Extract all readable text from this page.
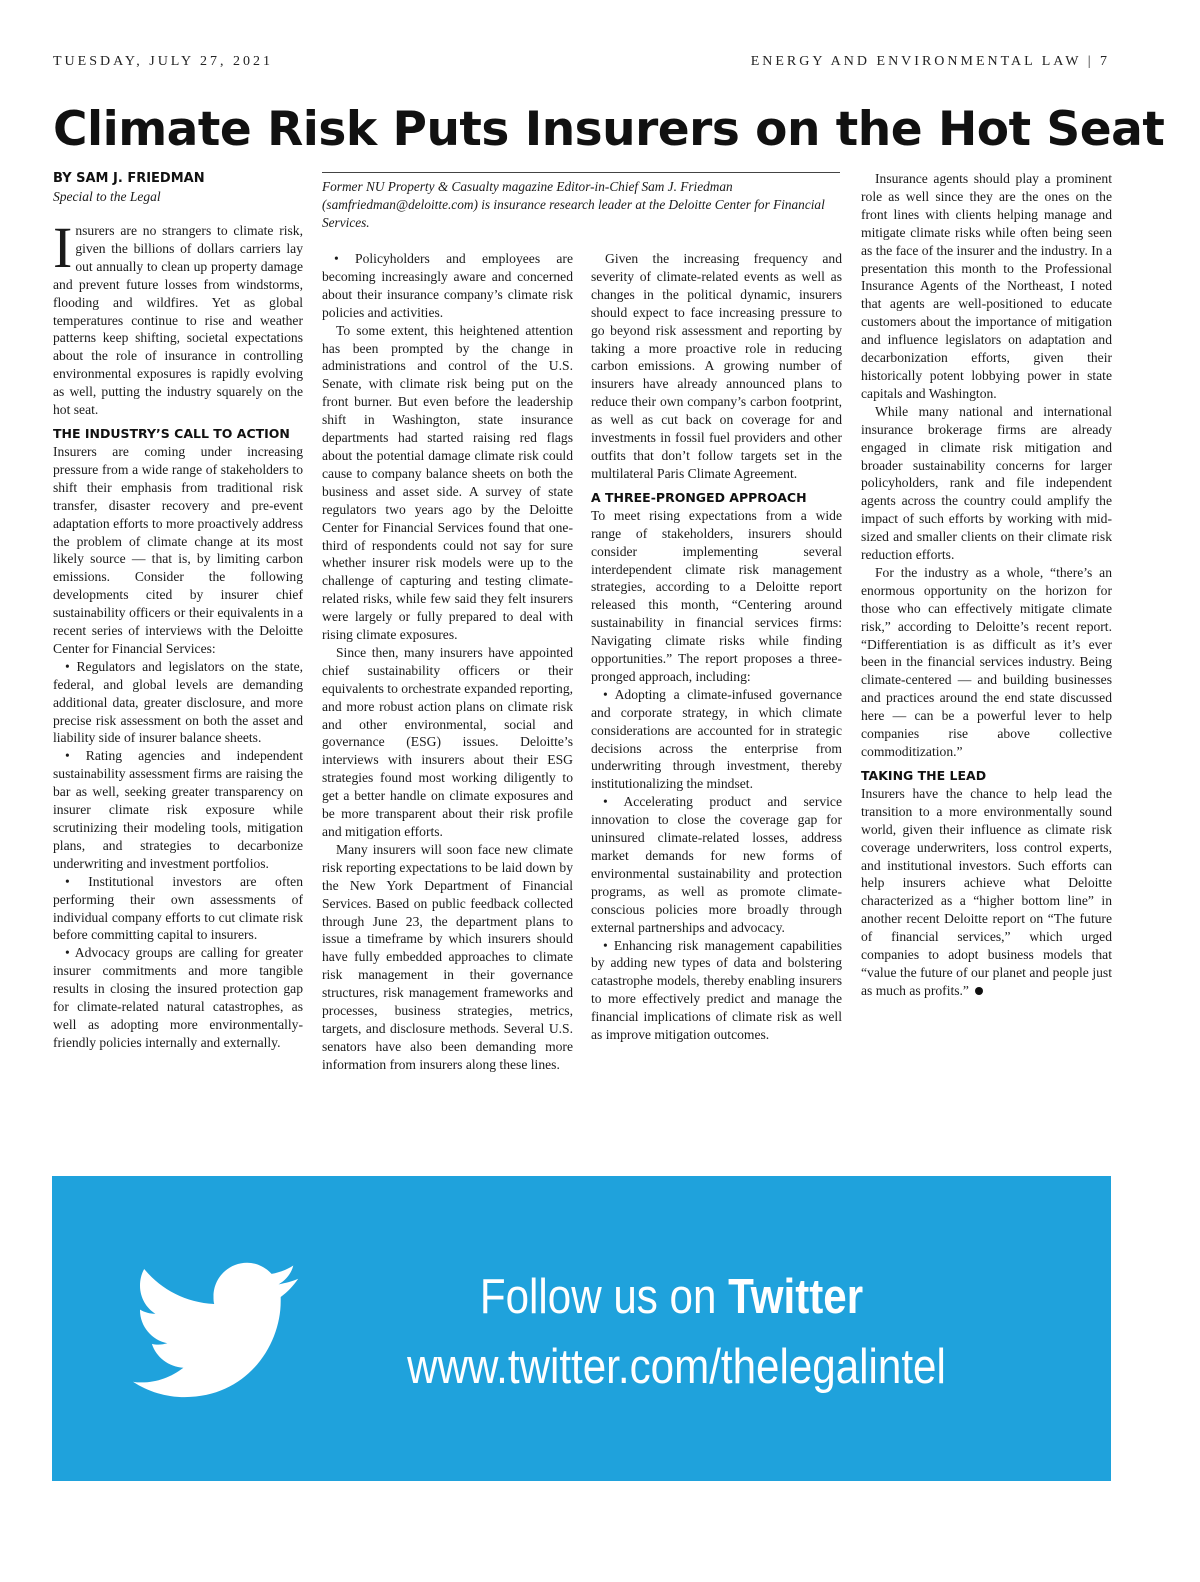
TUESDAY, JULY 27, 2021	ENERGY AND ENVIRONMENTAL LAW | 7
Climate Risk Puts Insurers on the Hot Seat
BY SAM J. FRIEDMAN
Special to the Legal
Former NU Property & Casualty magazine Editor-in-Chief Sam J. Friedman (samfriedman@deloitte.com) is insurance research leader at the Deloitte Center for Financial Services.

Insurers are no strangers to climate risk, given the billions of dollars carriers lay out annually to clean up property damage and prevent future losses from windstorms, flooding and wildfires. Yet as global temperatures continue to rise and weather patterns keep shifting, societal expectations about the role of insurance in controlling environmental exposures is rapidly evolving as well, putting the industry squarely on the hot seat.

THE INDUSTRY’S CALL TO ACTION

Insurers are coming under increasing pressure from a wide range of stakeholders to shift their emphasis from traditional risk transfer, disaster recovery and pre-event adaptation efforts to more proactively address the problem of climate change at its most likely source — that is, by limiting carbon emissions. Consider the following developments cited by insurer chief sustainability officers or their equivalents in a recent series of interviews with the Deloitte Center for Financial Services:

• Regulators and legislators on the state, federal, and global levels are demanding additional data, greater disclosure, and more precise risk assessment on both the asset and liability side of insurer balance sheets.

• Rating agencies and independent sustainability assessment firms are raising the bar as well, seeking greater transparency on insurer climate risk exposure while scrutinizing their modeling tools, mitigation plans, and strategies to decarbonize underwriting and investment portfolios.

• Institutional investors are often performing their own assessments of individual company efforts to cut climate risk before committing capital to insurers.

• Advocacy groups are calling for greater insurer commitments and more tangible results in closing the insured protection gap for climate-related natural catastrophes, as well as adopting more environmentally-friendly policies internally and externally.

• Policyholders and employees are becoming increasingly aware and concerned about their insurance company’s climate risk policies and activities.

To some extent, this heightened attention has been prompted by the change in administrations and control of the U.S. Senate, with climate risk being put on the front burner. But even before the leadership shift in Washington, state insurance departments had started raising red flags about the potential damage climate risk could cause to company balance sheets on both the business and asset side. A survey of state regulators two years ago by the Deloitte Center for Financial Services found that one-third of respondents could not say for sure whether insurer risk models were up to the challenge of capturing and testing climate-related risks, while few said they felt insurers were largely or fully prepared to deal with rising climate exposures.

Since then, many insurers have appointed chief sustainability officers or their equivalents to orchestrate expanded reporting, and more robust action plans on climate risk and other environmental, social and governance (ESG) issues. Deloitte’s interviews with insurers about their ESG strategies found most working diligently to get a better handle on climate exposures and be more transparent about their risk profile and mitigation efforts.

Many insurers will soon face new climate risk reporting expectations to be laid down by the New York Department of Financial Services. Based on public feedback collected through June 23, the department plans to issue a timeframe by which insurers should have fully embedded approaches to climate risk management in their governance structures, risk management frameworks and processes, business strategies, metrics, targets, and disclosure methods. Several U.S. senators have also been demanding more information from insurers along these lines.

Given the increasing frequency and severity of climate-related events as well as changes in the political dynamic, insurers should expect to face increasing pressure to go beyond risk assessment and reporting by taking a more proactive role in reducing carbon emissions. A growing number of insurers have already announced plans to reduce their own company’s carbon footprint, as well as cut back on coverage for and investments in fossil fuel providers and other outfits that don’t follow targets set in the multilateral Paris Climate Agreement.

A THREE-PRONGED APPROACH

To meet rising expectations from a wide range of stakeholders, insurers should consider implementing several interdependent climate risk management strategies, according to a Deloitte report released this month, “Centering around sustainability in financial services firms: Navigating climate risks while finding opportunities.” The report proposes a three-pronged approach, including:

• Adopting a climate-infused governance and corporate strategy, in which climate considerations are accounted for in strategic decisions across the enterprise from underwriting through investment, thereby institutionalizing the mindset.

• Accelerating product and service innovation to close the coverage gap for uninsured climate-related losses, address market demands for new forms of environmental sustainability and protection programs, as well as promote climate-conscious policies more broadly through external partnerships and advocacy.

• Enhancing risk management capabilities by adding new types of data and bolstering catastrophe models, thereby enabling insurers to more effectively predict and manage the financial implications of climate risk as well as improve mitigation outcomes.

Insurance agents should play a prominent role as well since they are the ones on the front lines with clients helping manage and mitigate climate risks while often being seen as the face of the insurer and the industry. In a presentation this month to the Professional Insurance Agents of the Northeast, I noted that agents are well-positioned to educate customers about the importance of mitigation and influence legislators on adaptation and decarbonization efforts, given their historically potent lobbying power in state capitals and Washington.

While many national and international insurance brokerage firms are already engaged in climate risk mitigation and broader sustainability concerns for larger policyholders, rank and file independent agents across the country could amplify the impact of such efforts by working with mid-sized and smaller clients on their climate risk reduction efforts.

For the industry as a whole, “there’s an enormous opportunity on the horizon for those who can effectively mitigate climate risk,” according to Deloitte’s recent report. “Differentiation is as difficult as it’s ever been in the financial services industry. Being climate-centered — and building businesses and practices around the end state discussed here — can be a powerful lever to help companies rise above collective commoditization.”

TAKING THE LEAD

Insurers have the chance to help lead the transition to a more environmentally sound world, given their influence as climate risk coverage underwriters, loss control experts, and institutional investors. Such efforts can help insurers achieve what Deloitte characterized as a “higher bottom line” in another recent Deloitte report on “The future of financial services,” which urged companies to adopt business models that “value the future of our planet and people just as much as profits.”

Follow us on Twitter
www.twitter.com/thelegalintel
